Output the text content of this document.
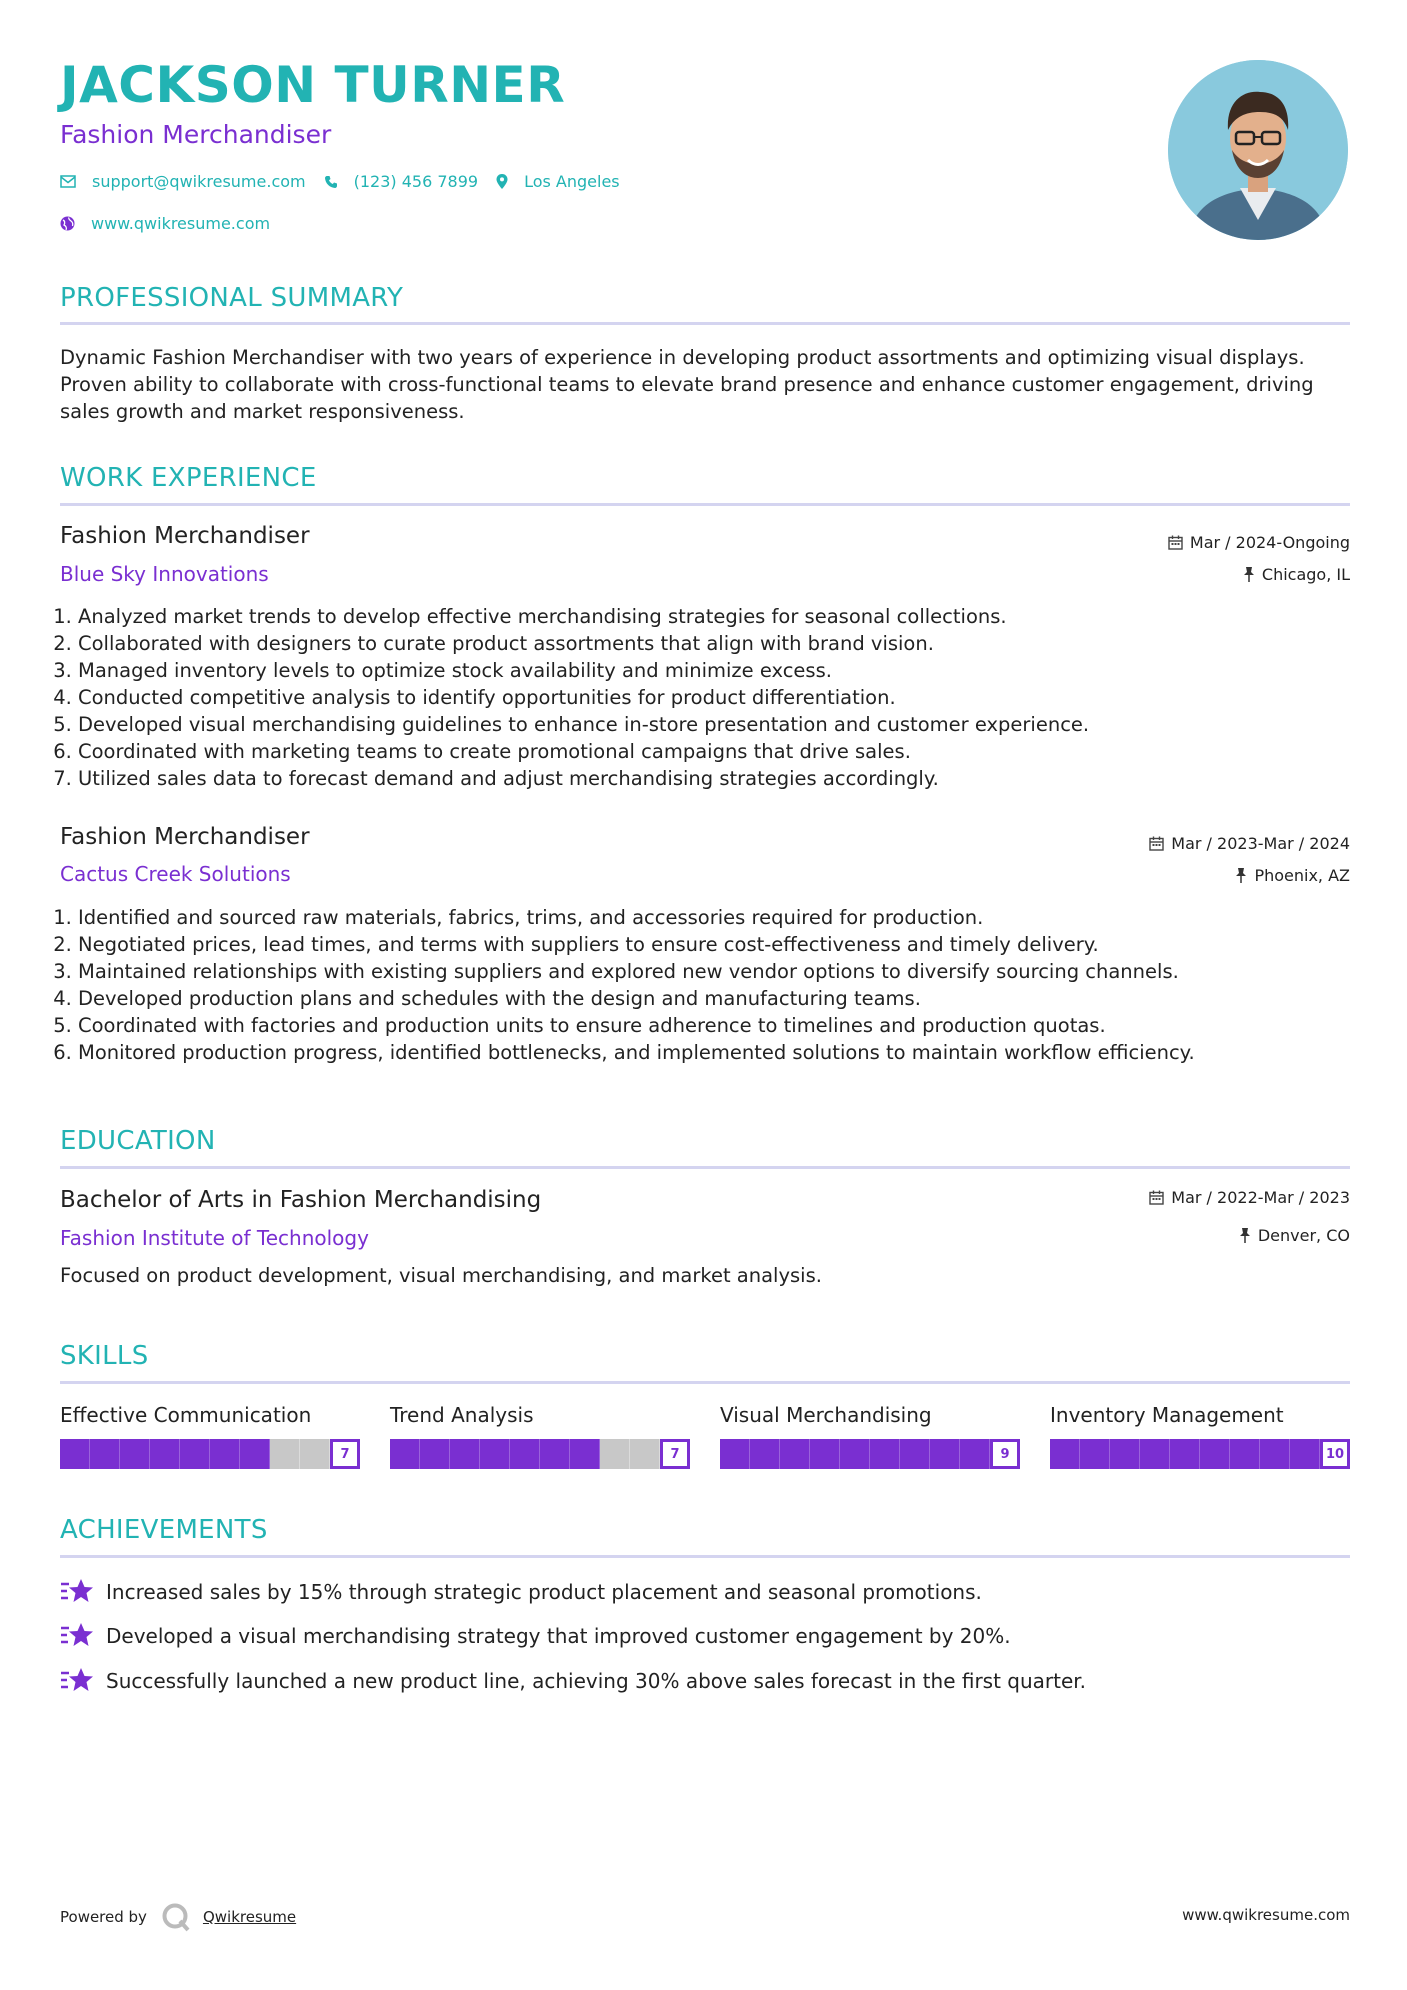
JACKSON TURNER
Fashion Merchandiser
support@qwikresume.com	(123) 456 7899	Los Angeles
www.qwikresume.com
PROFESSIONAL SUMMARY
Dynamic Fashion Merchandiser with two years of experience in developing product assortments and optimizing visual displays. Proven ability to collaborate with cross-functional teams to elevate brand presence and enhance customer engagement, driving sales growth and market responsiveness.
WORK EXPERIENCE
Fashion Merchandiser
Blue Sky Innovations
Mar / 2024-Ongoing
Chicago, IL
1. Analyzed market trends to develop effective merchandising strategies for seasonal collections.
2. Collaborated with designers to curate product assortments that align with brand vision.
3. Managed inventory levels to optimize stock availability and minimize excess.
4. Conducted competitive analysis to identify opportunities for product differentiation.
5. Developed visual merchandising guidelines to enhance in-store presentation and customer experience.
6. Coordinated with marketing teams to create promotional campaigns that drive sales.
7. Utilized sales data to forecast demand and adjust merchandising strategies accordingly.
Fashion Merchandiser
Cactus Creek Solutions
Mar / 2023-Mar / 2024
Phoenix, AZ
1. Identified and sourced raw materials, fabrics, trims, and accessories required for production.
2. Negotiated prices, lead times, and terms with suppliers to ensure cost-effectiveness and timely delivery.
3. Maintained relationships with existing suppliers and explored new vendor options to diversify sourcing channels.
4. Developed production plans and schedules with the design and manufacturing teams.
5. Coordinated with factories and production units to ensure adherence to timelines and production quotas.
6. Monitored production progress, identified bottlenecks, and implemented solutions to maintain workflow efficiency.
EDUCATION
Bachelor of Arts in Fashion Merchandising
Fashion Institute of Technology
Mar / 2022-Mar / 2023
Denver, CO
Focused on product development, visual merchandising, and market analysis.
SKILLS
Effective Communication
7
Trend Analysis
7
Visual Merchandising
9
Inventory Management
10
ACHIEVEMENTS
Increased sales by 15% through strategic product placement and seasonal promotions.
Developed a visual merchandising strategy that improved customer engagement by 20%.
Successfully launched a new product line, achieving 30% above sales forecast in the first quarter.
Powered by	Qwikresume	www.qwikresume.com
